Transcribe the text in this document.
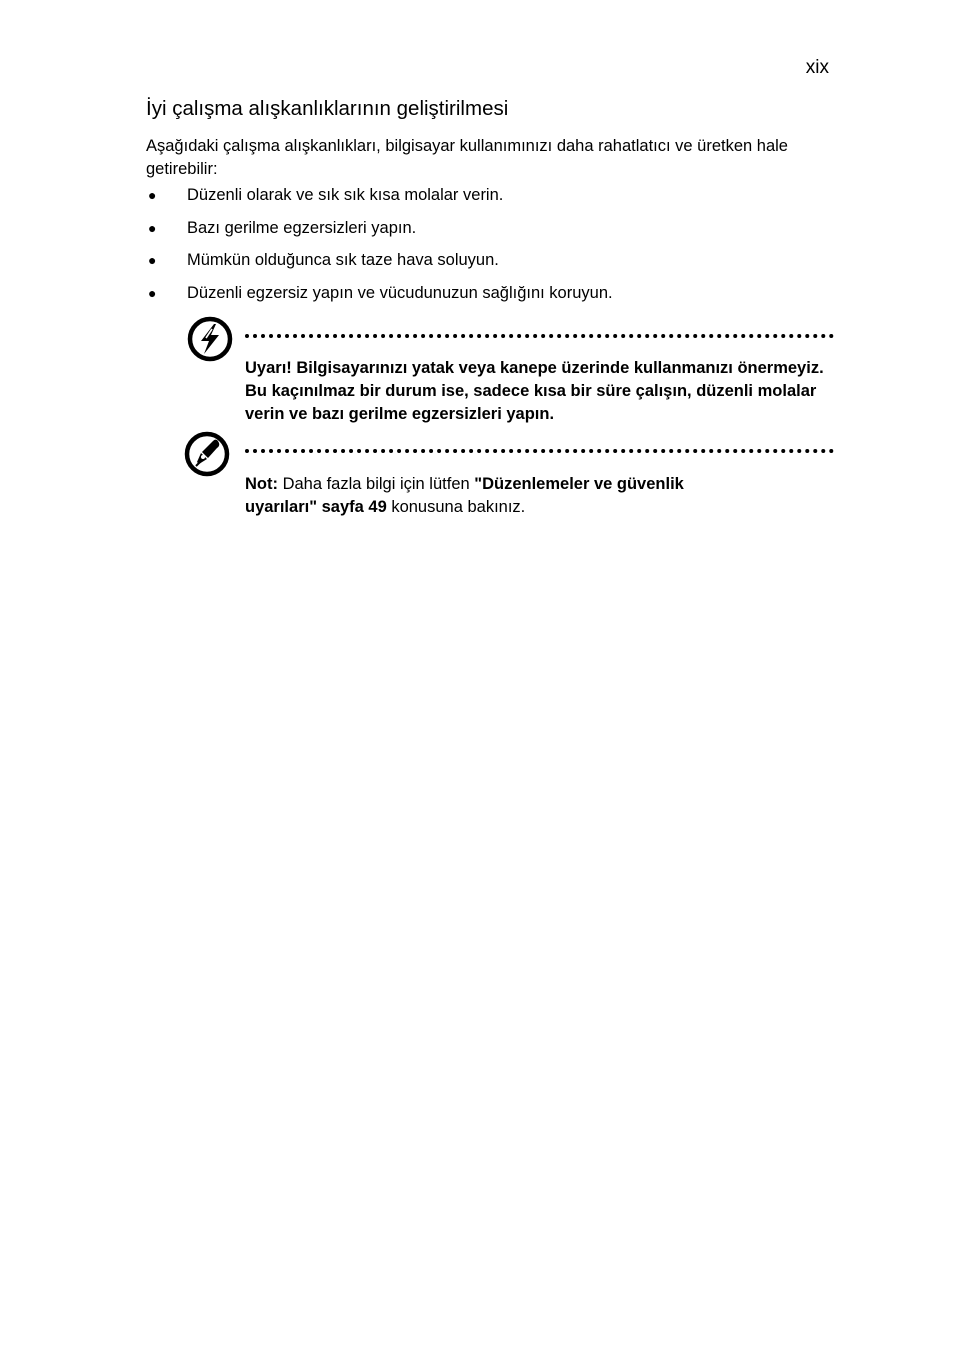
xix
İyi çalışma alışkanlıklarının geliştirilmesi

Aşağıdaki çalışma alışkanlıkları, bilgisayar kullanımınızı daha rahatlatıcı ve üretken hale getirebilir:

● Düzenli olarak ve sık sık kısa molalar verin.
● Bazı gerilme egzersizleri yapın.
● Mümkün olduğunca sık taze hava soluyun.
● Düzenli egzersiz yapın ve vücudunuzun sağlığını koruyun.

Uyarı! Bilgisayarınızı yatak veya kanepe üzerinde kullanmanızı önermeyiz. Bu kaçınılmaz bir durum ise, sadece kısa bir süre çalışın, düzenli molalar verin ve bazı gerilme egzersizleri yapın.

Not: Daha fazla bilgi için lütfen "Düzenlemeler ve güvenlik uyarıları" sayfa 49 konusuna bakınız.
